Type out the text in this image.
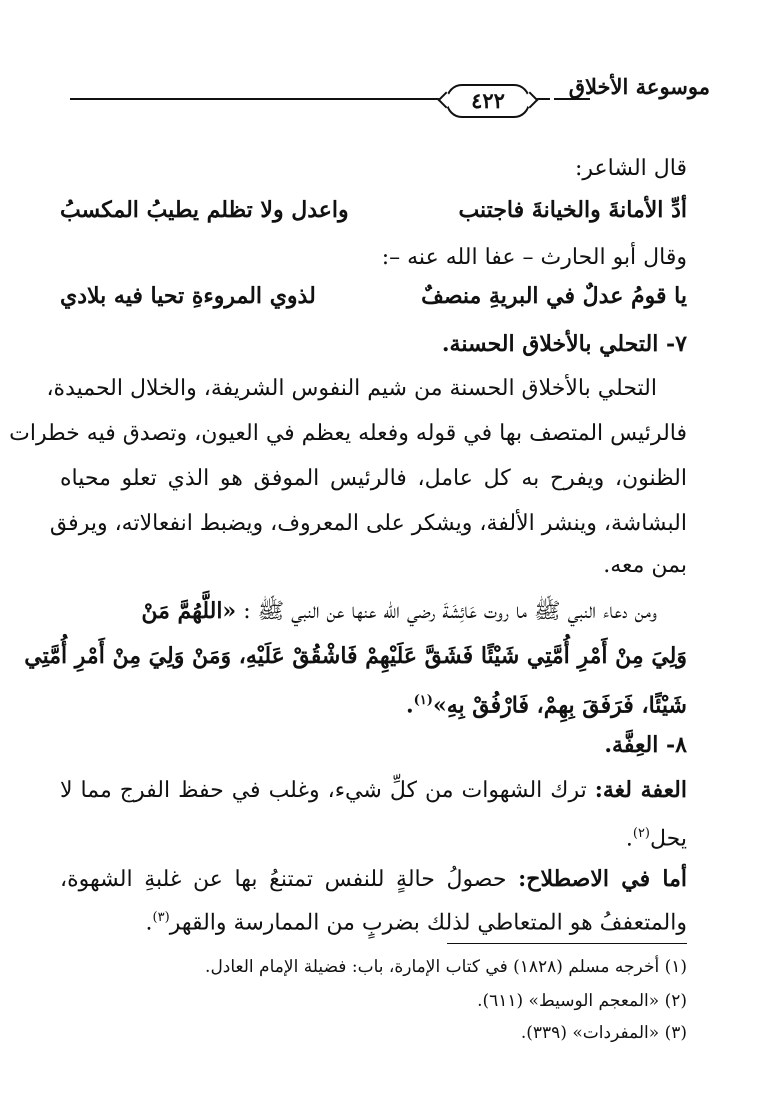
موسوعة الأخلاق
٤٢٢
قال الشاعر:
أدِّ الأمانةَ والخيانةَ فاجتنب
واعدل ولا تظلم يطيبُ المكسبُ
وقال أبو الحارث – عفا الله عنه –:
يا قومُ عدلٌ في البريةِ منصفٌ
لذوي المروءةِ تحيا فيه بلادي
٧- التحلي بالأخلاق الحسنة.
التحلي بالأخلاق الحسنة من شيم النفوس الشريفة، والخلال الحميدة،
فالرئيس المتصف بها في قوله وفعله يعظم في العيون، وتصدق فيه خطرات
الظنون، ويفرح به كل عامل، فالرئيس الموفق هو الذي تعلو محياه
البشاشة، وينشر الألفة، ويشكر على المعروف، ويضبط انفعالاته، ويرفق
بمن معه.
ومن دعاء النبي ﷺ ما روت عَائِشَةَ رضي الله عنها عن النبي ﷺ : «اللَّهُمَّ مَنْ
وَلِيَ مِنْ أَمْرِ أُمَّتِي شَيْئًا فَشَقَّ عَلَيْهِمْ فَاشْقُقْ عَلَيْهِ، وَمَنْ وَلِيَ مِنْ أَمْرِ أُمَّتِي
شَيْئًا، فَرَفَقَ بِهِمْ، فَارْفُقْ بِهِ»$^{(١)}$.
٨- العِفَّة.
العفة لغة: ترك الشهوات من كلِّ شيء، وغلب في حفظ الفرج مما لا
يحل$^{(٢)}$.
أما في الاصطلاح: حصولُ حالةٍ للنفس تمتنعُ بها عن غلبةِ الشهوة،
والمتعففُ هو المتعاطي لذلك بضربٍ من الممارسة والقهر$^{(٣)}$.
(١) أخرجه مسلم (١٨٢٨) في كتاب الإمارة، باب: فضيلة الإمام العادل.
(٢) «المعجم الوسيط» (٦١١).
(٣) «المفردات» (٣٣٩).
